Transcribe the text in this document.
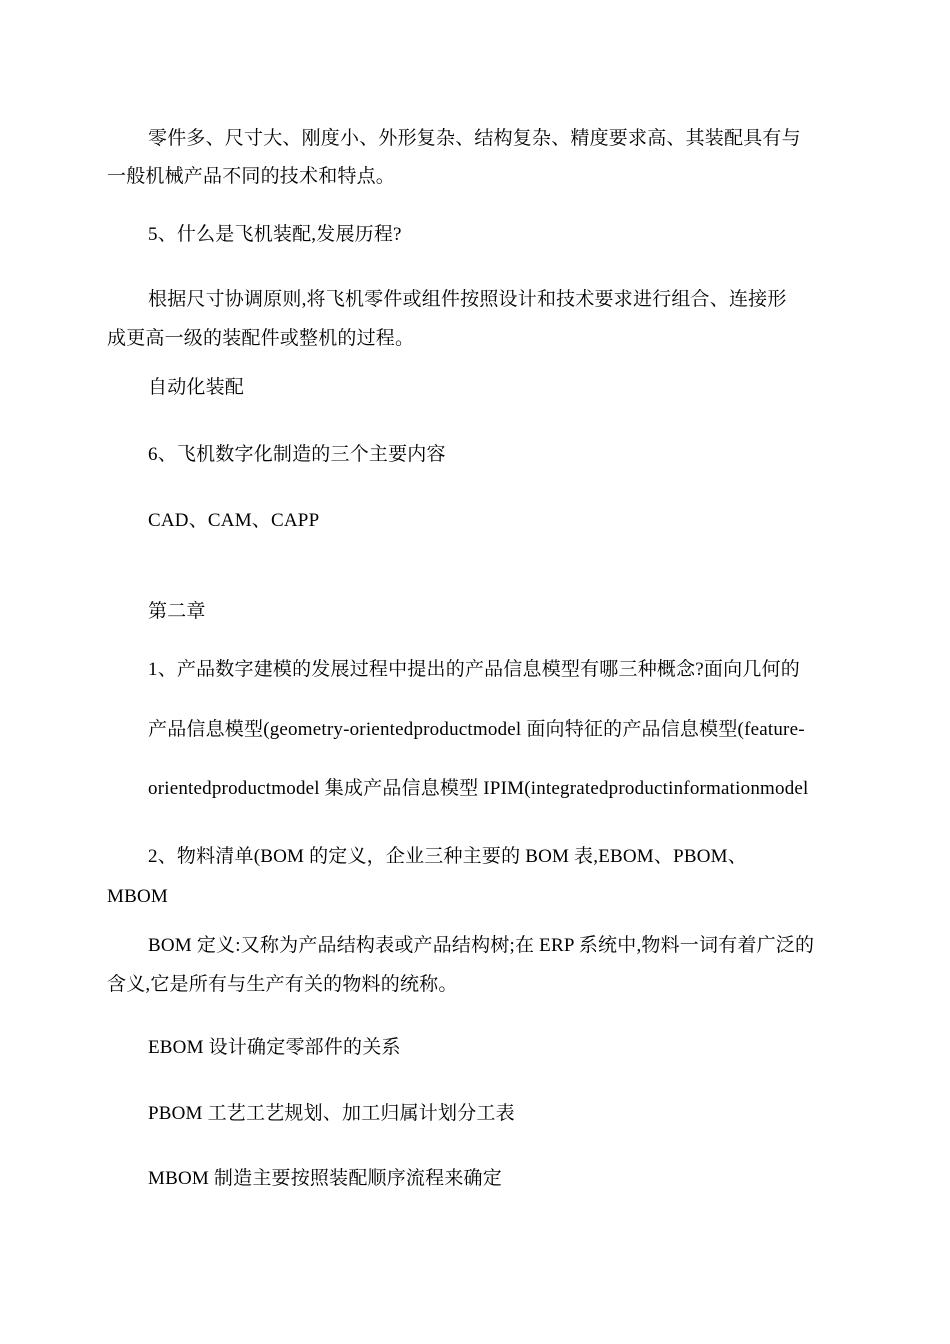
零件多、尺寸大、刚度小、外形复杂、结构复杂、精度要求高、其装配具有与
一般机械产品不同的技术和特点。
5、什么是飞机装配,发展历程?
根据尺寸协调原则,将飞机零件或组件按照设计和技术要求进行组合、连接形
成更高一级的装配件或整机的过程。
自动化装配
6、飞机数字化制造的三个主要内容
CAD、CAM、CAPP
第二章
1、产品数字建模的发展过程中提出的产品信息模型有哪三种概念?面向几何的
产品信息模型(geometry-orientedproductmodel 面向特征的产品信息模型(feature-
orientedproductmodel 集成产品信息模型 IPIM(integratedproductinformationmodel
2、物料清单(BOM 的定义，企业三种主要的 BOM 表,EBOM、PBOM、
MBOM
BOM 定义:又称为产品结构表或产品结构树;在 ERP 系统中,物料一词有着广泛的
含义,它是所有与生产有关的物料的统称。
EBOM 设计确定零部件的关系
PBOM 工艺工艺规划、加工归属计划分工表
MBOM 制造主要按照装配顺序流程来确定
